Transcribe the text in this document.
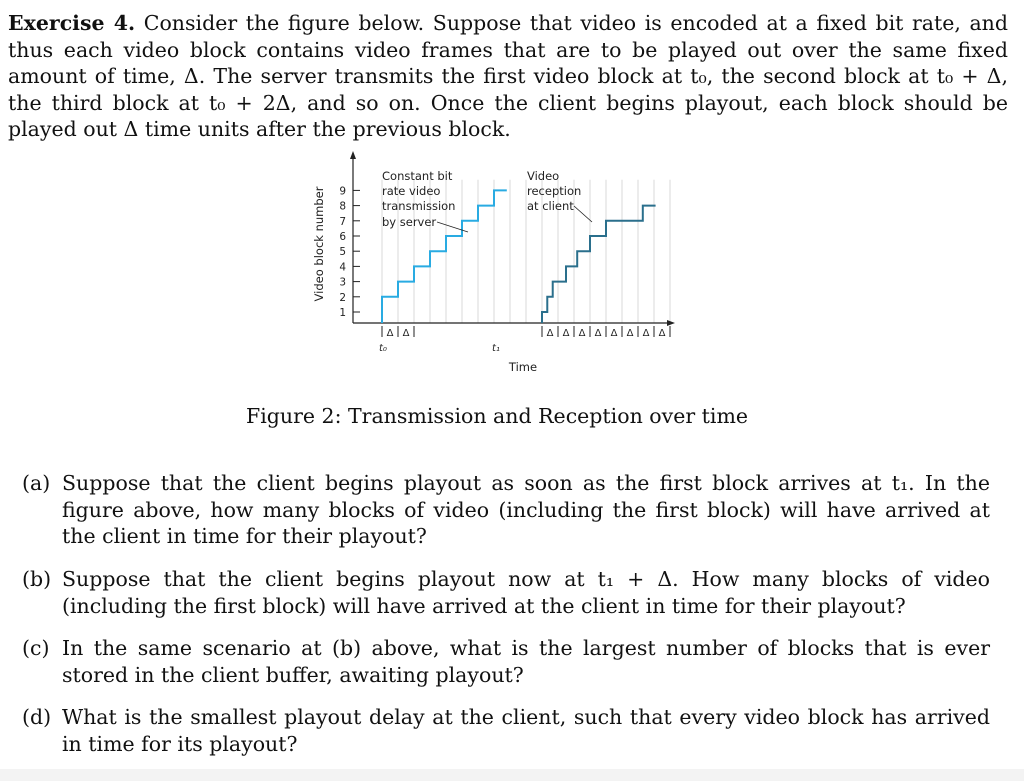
Exercise 4. Consider the figure below. Suppose that video is encoded at a fixed bit rate, and thus each video block contains video frames that are to be played out over the same fixed amount of time, Δ. The server transmits the first video block at t₀, the second block at t₀ + Δ, the third block at t₀ + 2Δ, and so on. Once the client begins playout, each block should be played out Δ time units after the previous block.
1
2
3
4
5
6
7
8
9
Video block number
Δ Δ	Δ Δ Δ Δ Δ Δ Δ Δ
t₀	t₁
Time
Constant bit
rate video
transmission
by server
Video
reception
at client
Figure 2: Transmission and Reception over time
(a) Suppose that the client begins playout as soon as the first block arrives at t₁. In the figure above, how many blocks of video (including the first block) will have arrived at the client in time for their playout?
(b) Suppose that the client begins playout now at t₁ + Δ. How many blocks of video (including the first block) will have arrived at the client in time for their playout?
(c) In the same scenario at (b) above, what is the largest number of blocks that is ever stored in the client buffer, awaiting playout?
(d) What is the smallest playout delay at the client, such that every video block has arrived in time for its playout?
